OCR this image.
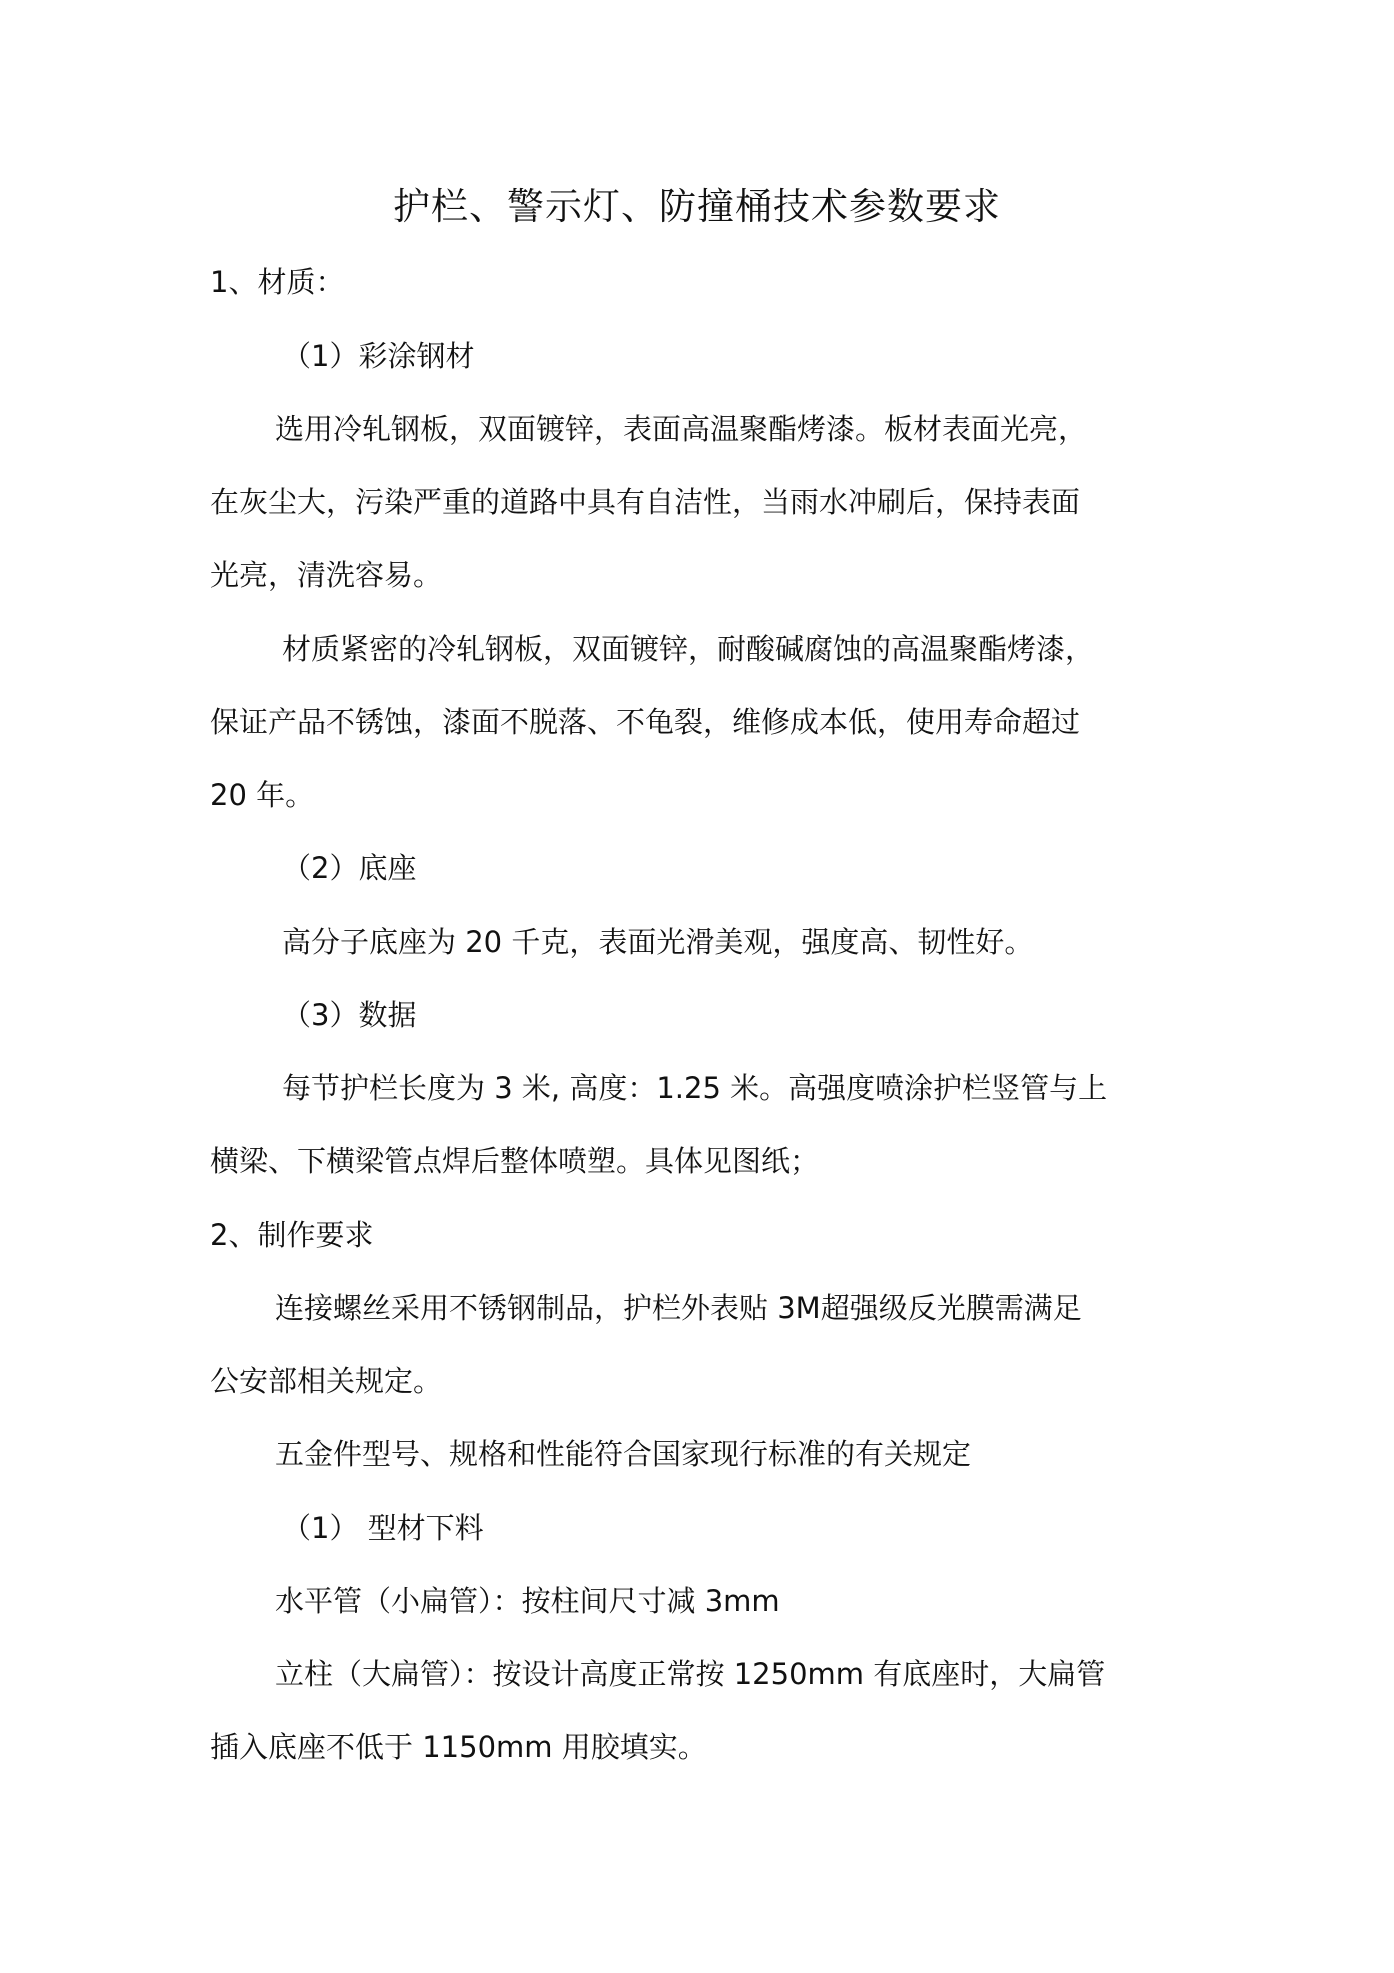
护栏、警示灯、防撞桶技术参数要求
1、材质：
（1）彩涂钢材
选用冷轧钢板，双面镀锌，表面高温聚酯烤漆。板材表面光亮，
在灰尘大，污染严重的道路中具有自洁性，当雨水冲刷后，保持表面
光亮，清洗容易。
材质紧密的冷轧钢板，双面镀锌，耐酸碱腐蚀的高温聚酯烤漆，
保证产品不锈蚀，漆面不脱落、不龟裂，维修成本低，使用寿命超过
20 年。
（2）底座
高分子底座为 20 千克，表面光滑美观，强度高、韧性好。
（3）数据
每节护栏长度为 3 米, 高度：1.25 米。高强度喷涂护栏竖管与上
横梁、下横梁管点焊后整体喷塑。具体见图纸；
2、制作要求
连接螺丝采用不锈钢制品，护栏外表贴 3M超强级反光膜需满足
公安部相关规定。
五金件型号、规格和性能符合国家现行标准的有关规定
（1） 型材下料
水平管（小扁管）：按柱间尺寸减 3mm
立柱（大扁管）：按设计高度正常按 1250mm 有底座时，大扁管
插入底座不低于 1150mm 用胶填实。
